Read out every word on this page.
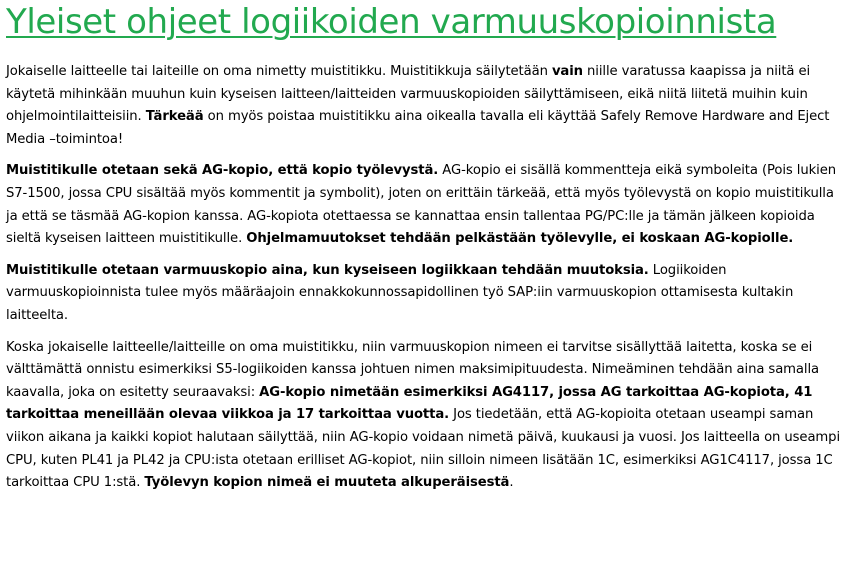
Yleiset ohjeet logiikoiden varmuuskopioinnista

Jokaiselle laitteelle tai laiteille on oma nimetty muistitikku. Muistitikkuja säilytetään vain niille varatussa kaapissa ja niitä ei käytetä mihinkään muuhun kuin kyseisen laitteen/laitteiden varmuuskopioiden säilyttämiseen, eikä niitä liitetä muihin kuin ohjelmointilaitteisiin. Tärkeää on myös poistaa muistitikku aina oikealla tavalla eli käyttää Safely Remove Hardware and Eject Media –toimintoa!

Muistitikulle otetaan sekä AG-kopio, että kopio työlevystä. AG-kopio ei sisällä kommentteja eikä symboleita (Pois lukien S7-1500, jossa CPU sisältää myös kommentit ja symbolit), joten on erittäin tärkeää, että myös työlevystä on kopio muistitikulla ja että se täsmää AG-kopion kanssa. AG-kopiota otettaessa se kannattaa ensin tallentaa PG/PC:lle ja tämän jälkeen kopioida sieltä kyseisen laitteen muistitikulle. Ohjelmamuutokset tehdään pelkästään työlevylle, ei koskaan AG-kopiolle.

Muistitikulle otetaan varmuuskopio aina, kun kyseiseen logiikkaan tehdään muutoksia. Logiikoiden varmuuskopioinnista tulee myös määräajoin ennakkokunnossapidollinen työ SAP:iin varmuuskopion ottamisesta kultakin laitteelta.

Koska jokaiselle laitteelle/laitteille on oma muistitikku, niin varmuuskopion nimeen ei tarvitse sisällyttää laitetta, koska se ei välttämättä onnistu esimerkiksi S5-logiikoiden kanssa johtuen nimen maksimipituudesta. Nimeäminen tehdään aina samalla kaavalla, joka on esitetty seuraavaksi: AG-kopio nimetään esimerkiksi AG4117, jossa AG tarkoittaa AG-kopiota, 41 tarkoittaa meneillään olevaa viikkoa ja 17 tarkoittaa vuotta. Jos tiedetään, että AG-kopioita otetaan useampi saman viikon aikana ja kaikki kopiot halutaan säilyttää, niin AG-kopio voidaan nimetä päivä, kuukausi ja vuosi. Jos laitteella on useampi CPU, kuten PL41 ja PL42 ja CPU:ista otetaan erilliset AG-kopiot, niin silloin nimeen lisätään 1C, esimerkiksi AG1C4117, jossa 1C tarkoittaa CPU 1:stä. Työlevyn kopion nimeä ei muuteta alkuperäisestä.
